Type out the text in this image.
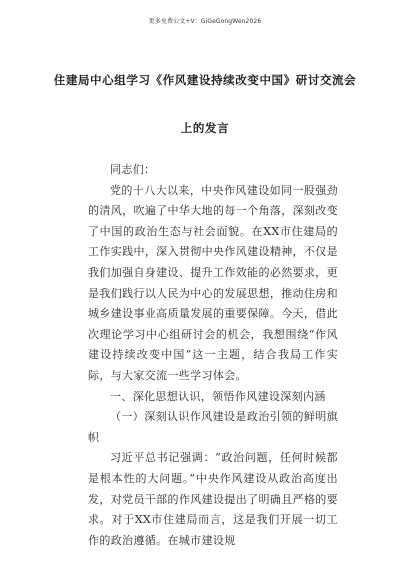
更多免费公文+V：GiGeGongWen2026
住建局中心组学习《作风建设持续改变中国》研讨交流会
上的发言

同志们：

党的十八大以来，中央作风建设如同一股强劲的清风，吹遍了中华大地的每一个角落，深刻改变了中国的政治生态与社会面貌。在XX市住建局的工作实践中，深入贯彻中央作风建设精神，不仅是我们加强自身建设、提升工作效能的必然要求，更是我们践行以人民为中心的发展思想，推动住房和城乡建设事业高质量发展的重要保障。今天，借此次理论学习中心组研讨会的机会，我想围绕“作风建设持续改变中国”这一主题，结合我局工作实际，与大家交流一些学习体会。

一、深化思想认识，领悟作风建设深刻内涵

（一）深刻认识作风建设是政治引领的鲜明旗帜

习近平总书记强调：“政治问题，任何时候都是根本性的大问题。”中央作风建设从政治高度出发，对党员干部的作风建设提出了明确且严格的要求。对于XX市住建局而言，这是我们开展一切工作的政治遵循。在城市建设规
